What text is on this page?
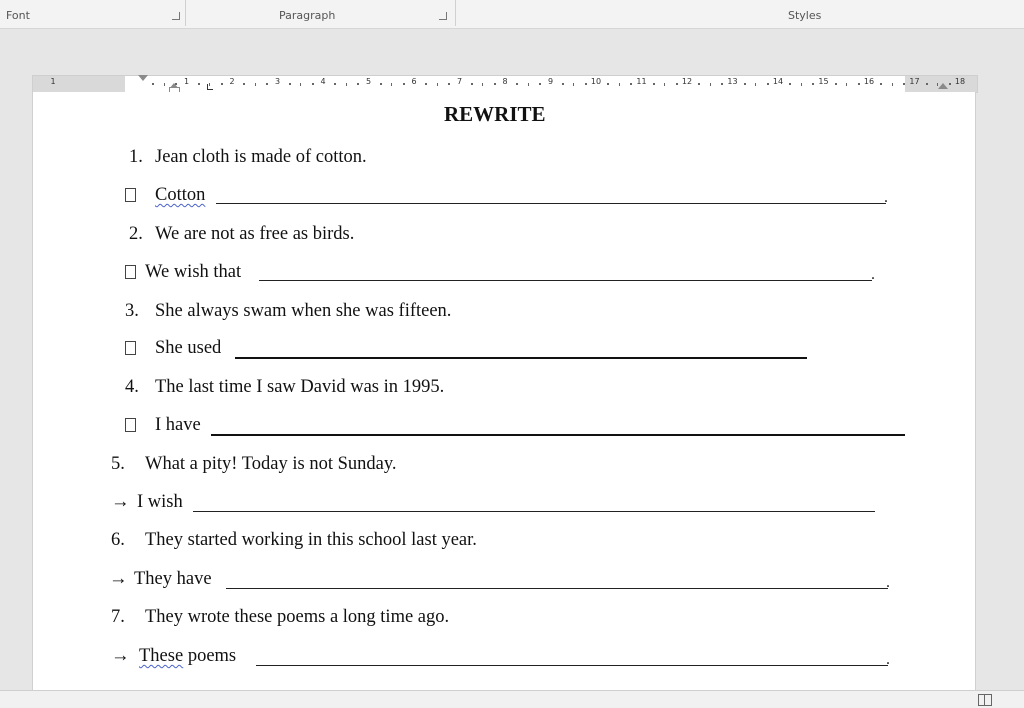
Font	Paragraph	Styles
1	1	2	3	4	5	6	7	8	9	10	11	12	13	14	15	16	17	18
REWRITE
1. Jean cloth is made of cotton.
Cotton	.
2. We are not as free as birds.
We wish that	.
3. She always swam when she was fifteen.
She used
4. The last time I saw David was in 1995.
I have
5. What a pity! Today is not Sunday.
→ I wish
6. They started working in this school last year.
→ They have	.
7. They wrote these poems a long time ago.
→ These poems	.
